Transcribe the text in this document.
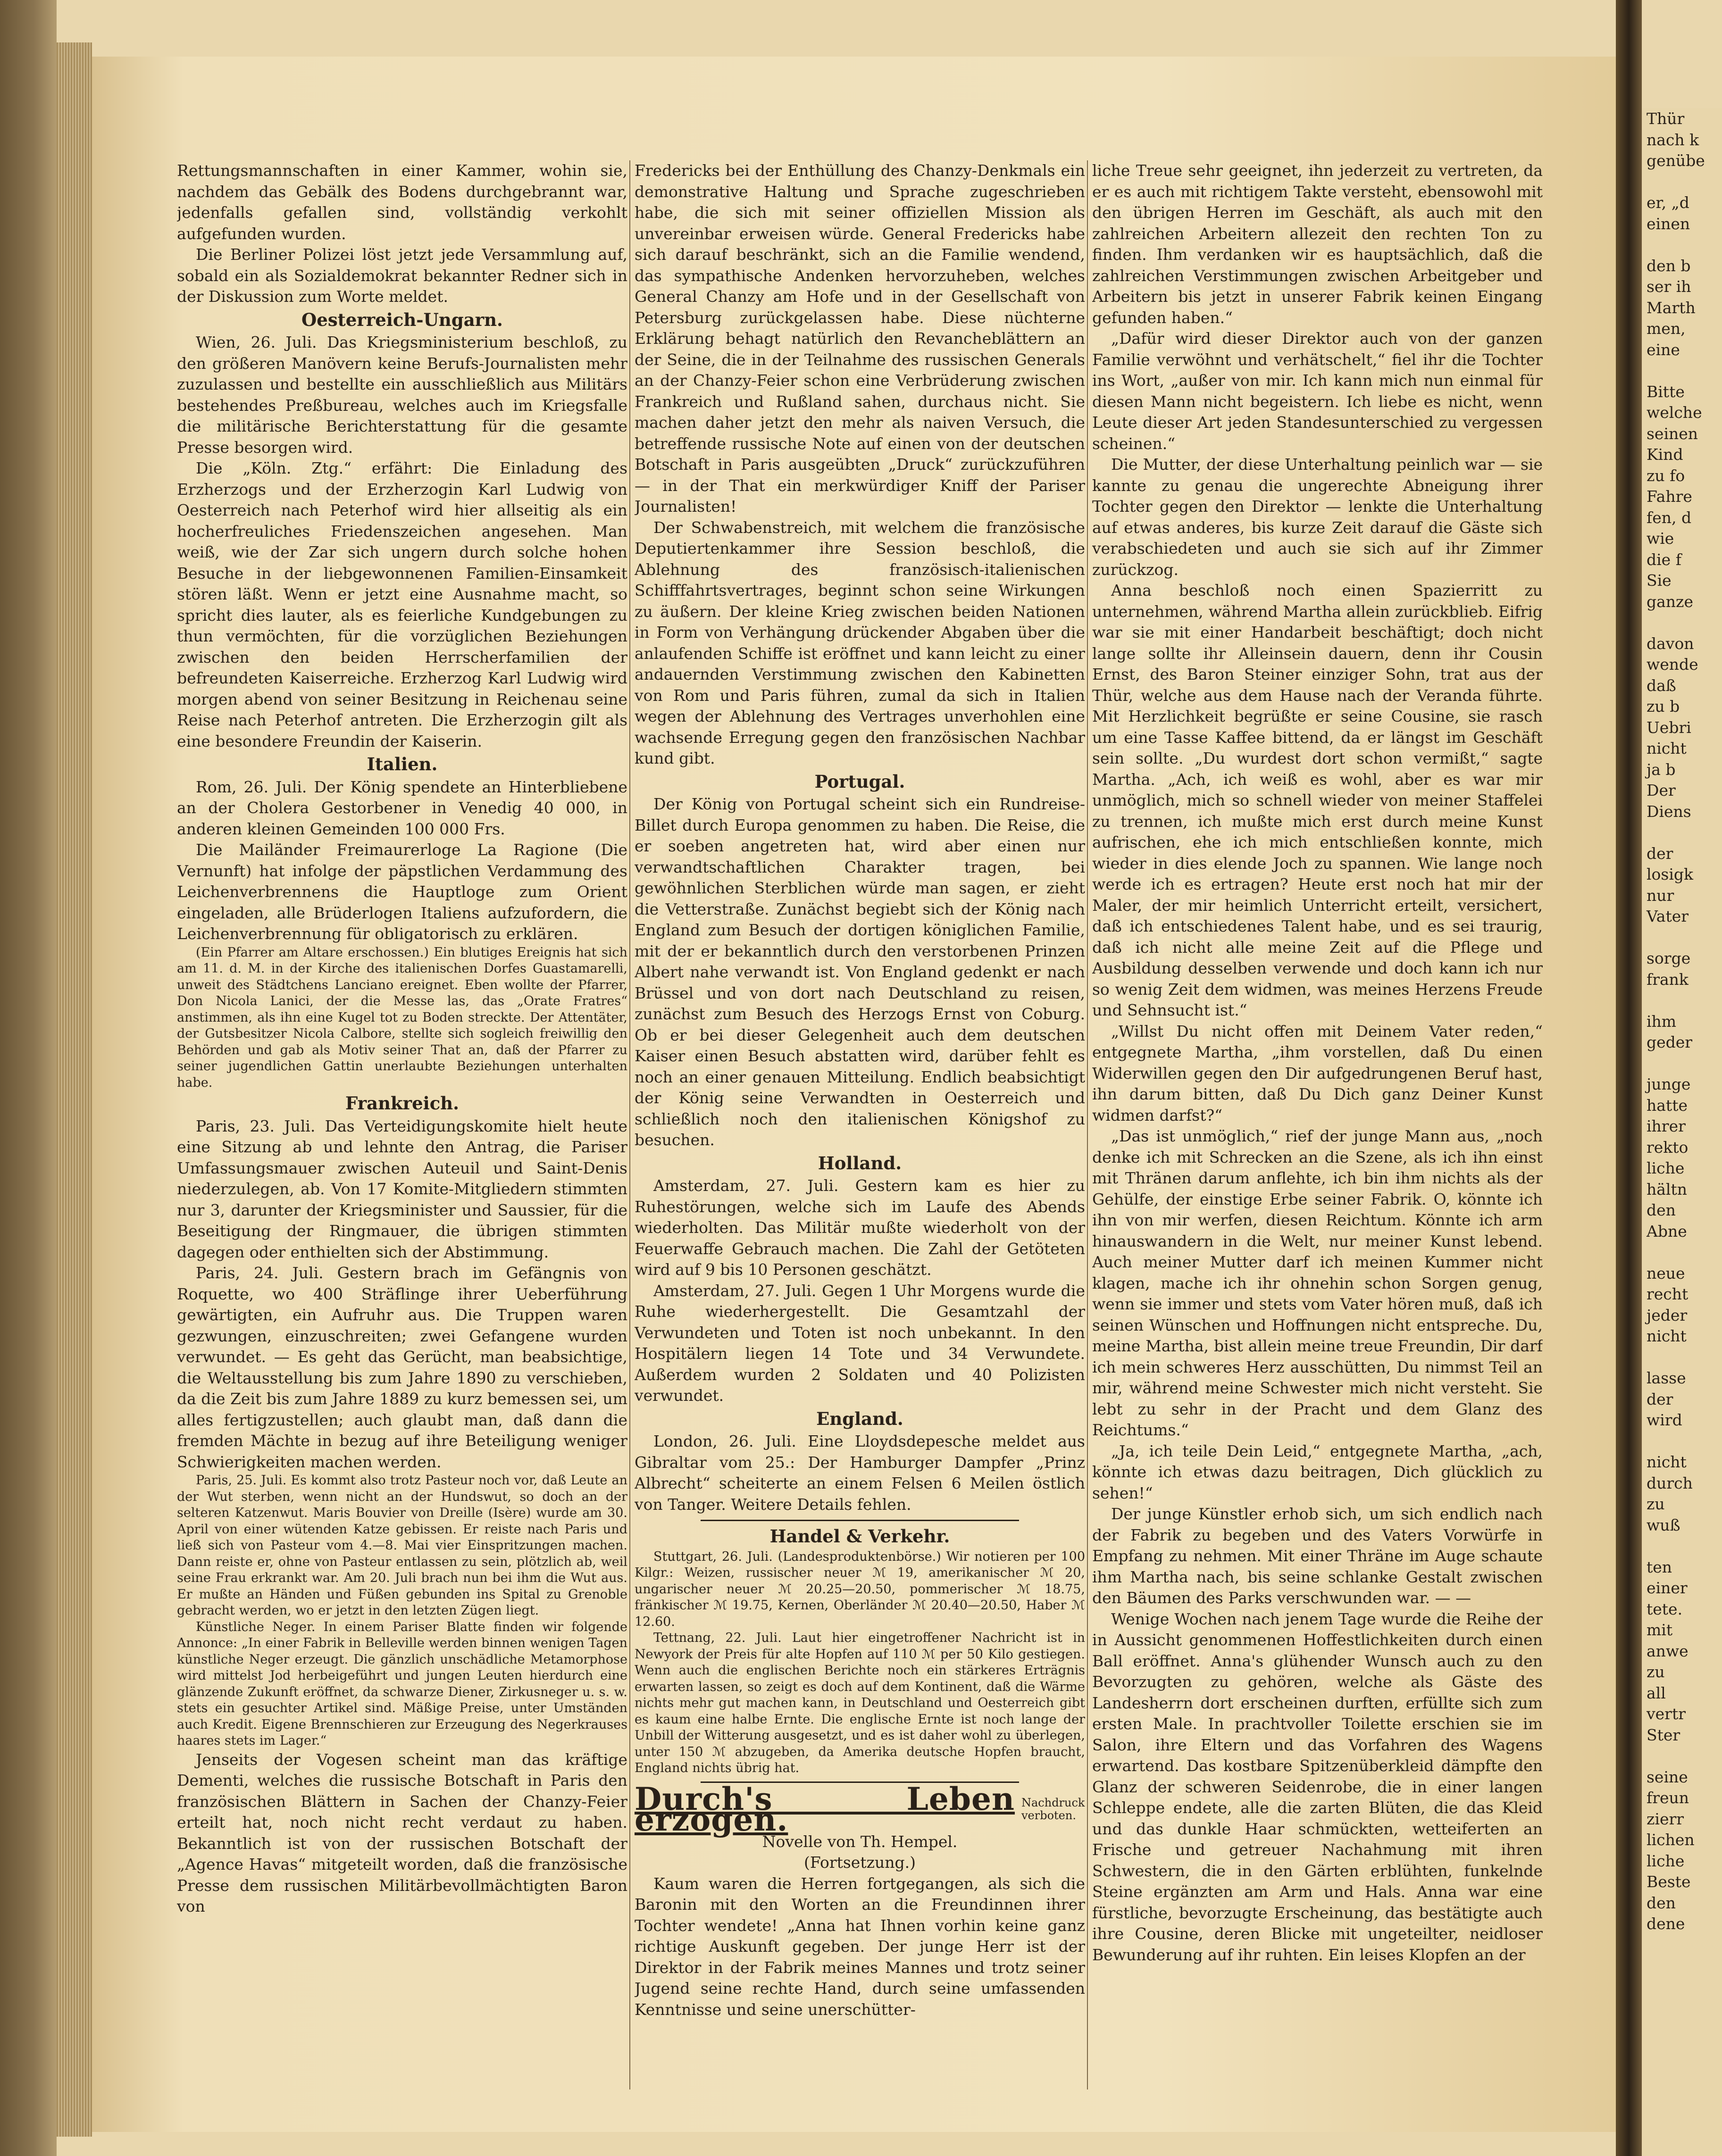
Rettungsmannschaften in einer Kammer, wohin sie, nachdem das Gebälk des Bodens durchgebrannt war, jedenfalls gefallen sind, vollständig verkohlt aufgefunden wurden.

Die Berliner Polizei löst jetzt jede Versammlung auf, sobald ein als Sozialdemokrat bekannter Redner sich in der Diskussion zum Worte meldet.

Oesterreich-Ungarn.

Wien, 26. Juli. Das Kriegsministerium beschloß, zu den größeren Manövern keine Berufs-Journalisten mehr zuzulassen und bestellte ein ausschließlich aus Militärs bestehendes Preßbureau, welches auch im Kriegsfalle die militärische Berichterstattung für die gesamte Presse besorgen wird.

Die „Köln. Ztg.“ erfährt: Die Einladung des Erzherzogs und der Erzherzogin Karl Ludwig von Oesterreich nach Peterhof wird hier allseitig als ein hocherfreuliches Friedenszeichen angesehen. Man weiß, wie der Zar sich ungern durch solche hohen Besuche in der liebgewonnenen Familien-Einsamkeit stören läßt. Wenn er jetzt eine Ausnahme macht, so spricht dies lauter, als es feierliche Kundgebungen zu thun vermöchten, für die vorzüglichen Beziehungen zwischen den beiden Herrscherfamilien der befreundeten Kaiserreiche. Erzherzog Karl Ludwig wird morgen abend von seiner Besitzung in Reichenau seine Reise nach Peterhof antreten. Die Erzherzogin gilt als eine besondere Freundin der Kaiserin.

Italien.

Rom, 26. Juli. Der König spendete an Hinterbliebene an der Cholera Gestorbener in Venedig 40 000, in anderen kleinen Gemeinden 100 000 Frs.

Die Mailänder Freimaurerloge La Ragione (Die Vernunft) hat infolge der päpstlichen Verdammung des Leichenverbrennens die Hauptloge zum Orient eingeladen, alle Brüderlogen Italiens aufzufordern, die Leichenverbrennung für obligatorisch zu erklären.

(Ein Pfarrer am Altare erschossen.) Ein blutiges Ereignis hat sich am 11. d. M. in der Kirche des italienischen Dorfes Guastamarelli, unweit des Städtchens Lanciano ereignet. Eben wollte der Pfarrer, Don Nicola Lanici, der die Messe las, das „Orate Fratres“ anstimmen, als ihn eine Kugel tot zu Boden streckte. Der Attentäter, der Gutsbesitzer Nicola Calbore, stellte sich sogleich freiwillig den Behörden und gab als Motiv seiner That an, daß der Pfarrer zu seiner jugendlichen Gattin unerlaubte Beziehungen unterhalten habe.

Frankreich.

Paris, 23. Juli. Das Verteidigungskomite hielt heute eine Sitzung ab und lehnte den Antrag, die Pariser Umfassungsmauer zwischen Auteuil und Saint-Denis niederzulegen, ab. Von 17 Komite-Mitgliedern stimmten nur 3, darunter der Kriegsminister und Saussier, für die Beseitigung der Ringmauer, die übrigen stimmten dagegen oder enthielten sich der Abstimmung.

Paris, 24. Juli. Gestern brach im Gefängnis von Roquette, wo 400 Sträflinge ihrer Ueberführung gewärtigten, ein Aufruhr aus. Die Truppen waren gezwungen, einzuschreiten; zwei Gefangene wurden verwundet. — Es geht das Gerücht, man beabsichtige, die Weltausstellung bis zum Jahre 1890 zu verschieben, da die Zeit bis zum Jahre 1889 zu kurz bemessen sei, um alles fertigzustellen; auch glaubt man, daß dann die fremden Mächte in bezug auf ihre Beteiligung weniger Schwierigkeiten machen werden.

Paris, 25. Juli. Es kommt also trotz Pasteur noch vor, daß Leute an der Wut sterben, wenn nicht an der Hundswut, so doch an der selteren Katzenwut. Maris Bouvier von Dreille (Isère) wurde am 30. April von einer wütenden Katze gebissen. Er reiste nach Paris und ließ sich von Pasteur vom 4.—8. Mai vier Einspritzungen machen. Dann reiste er, ohne von Pasteur entlassen zu sein, plötzlich ab, weil seine Frau erkrankt war. Am 20. Juli brach nun bei ihm die Wut aus. Er mußte an Händen und Füßen gebunden ins Spital zu Grenoble gebracht werden, wo er jetzt in den letzten Zügen liegt.

Künstliche Neger. In einem Pariser Blatte finden wir folgende Annonce: „In einer Fabrik in Belleville werden binnen wenigen Tagen künstliche Neger erzeugt. Die gänzlich unschädliche Metamorphose wird mittelst Jod herbeigeführt und jungen Leuten hierdurch eine glänzende Zukunft eröffnet, da schwarze Diener, Zirkusneger u. s. w. stets ein gesuchter Artikel sind. Mäßige Preise, unter Umständen auch Kredit. Eigene Brennschieren zur Erzeugung des Negerkrauses haares stets im Lager.“

Jenseits der Vogesen scheint man das kräftige Dementi, welches die russische Botschaft in Paris den französischen Blättern in Sachen der Chanzy-Feier erteilt hat, noch nicht recht verdaut zu haben. Bekanntlich ist von der russischen Botschaft der „Agence Havas“ mitgeteilt worden, daß die französische Presse dem russischen Militärbevollmächtigten Baron von

Fredericks bei der Enthüllung des Chanzy-Denkmals ein demonstrative Haltung und Sprache zugeschrieben habe, die sich mit seiner offiziellen Mission als unvereinbar erweisen würde. General Fredericks habe sich darauf beschränkt, sich an die Familie wendend, das sympathische Andenken hervorzuheben, welches General Chanzy am Hofe und in der Gesellschaft von Petersburg zurückgelassen habe. Diese nüchterne Erklärung behagt natürlich den Revancheblättern an der Seine, die in der Teilnahme des russischen Generals an der Chanzy-Feier schon eine Verbrüderung zwischen Frankreich und Rußland sahen, durchaus nicht. Sie machen daher jetzt den mehr als naiven Versuch, die betreffende russische Note auf einen von der deutschen Botschaft in Paris ausgeübten „Druck“ zurückzuführen — in der That ein merkwürdiger Kniff der Pariser Journalisten!

Der Schwabenstreich, mit welchem die französische Deputiertenkammer ihre Session beschloß, die Ablehnung des französisch-italienischen Schifffahrtsvertrages, beginnt schon seine Wirkungen zu äußern. Der kleine Krieg zwischen beiden Nationen in Form von Verhängung drückender Abgaben über die anlaufenden Schiffe ist eröffnet und kann leicht zu einer andauernden Verstimmung zwischen den Kabinetten von Rom und Paris führen, zumal da sich in Italien wegen der Ablehnung des Vertrages unverhohlen eine wachsende Erregung gegen den französischen Nachbar kund gibt.

Portugal.

Der König von Portugal scheint sich ein Rundreise-Billet durch Europa genommen zu haben. Die Reise, die er soeben angetreten hat, wird aber einen nur verwandtschaftlichen Charakter tragen, bei gewöhnlichen Sterblichen würde man sagen, er zieht die Vetterstraße. Zunächst begiebt sich der König nach England zum Besuch der dortigen königlichen Familie, mit der er bekanntlich durch den verstorbenen Prinzen Albert nahe verwandt ist. Von England gedenkt er nach Brüssel und von dort nach Deutschland zu reisen, zunächst zum Besuch des Herzogs Ernst von Coburg. Ob er bei dieser Gelegenheit auch dem deutschen Kaiser einen Besuch abstatten wird, darüber fehlt es noch an einer genauen Mitteilung. Endlich beabsichtigt der König seine Verwandten in Oesterreich und schließlich noch den italienischen Königshof zu besuchen.

Holland.

Amsterdam, 27. Juli. Gestern kam es hier zu Ruhestörungen, welche sich im Laufe des Abends wiederholten. Das Militär mußte wiederholt von der Feuerwaffe Gebrauch machen. Die Zahl der Getöteten wird auf 9 bis 10 Personen geschätzt.

Amsterdam, 27. Juli. Gegen 1 Uhr Morgens wurde die Ruhe wiederhergestellt. Die Gesamtzahl der Verwundeten und Toten ist noch unbekannt. In den Hospitälern liegen 14 Tote und 34 Verwundete. Außerdem wurden 2 Soldaten und 40 Polizisten verwundet.

England.

London, 26. Juli. Eine Lloydsdepesche meldet aus Gibraltar vom 25.: Der Hamburger Dampfer „Prinz Albrecht“ scheiterte an einem Felsen 6 Meilen östlich von Tanger. Weitere Details fehlen.

Handel & Verkehr.

Stuttgart, 26. Juli. (Landesproduktenbörse.) Wir notieren per 100 Kilgr.: Weizen, russischer neuer ℳ 19, amerikanischer ℳ 20, ungarischer neuer ℳ 20.25—20.50, pommerischer ℳ 18.75, fränkischer ℳ 19.75, Kernen, Oberländer ℳ 20.40—20.50, Haber ℳ 12.60.

Tettnang, 22. Juli. Laut hier eingetroffener Nachricht ist in Newyork der Preis für alte Hopfen auf 110 ℳ per 50 Kilo gestiegen. Wenn auch die englischen Berichte noch ein stärkeres Erträgnis erwarten lassen, so zeigt es doch auf dem Kontinent, daß die Wärme nichts mehr gut machen kann, in Deutschland und Oesterreich gibt es kaum eine halbe Ernte. Die englische Ernte ist noch lange der Unbill der Witterung ausgesetzt, und es ist daher wohl zu überlegen, unter 150 ℳ abzugeben, da Amerika deutsche Hopfen braucht, England nichts übrig hat.

Durch's Leben erzogen.	Nachdruck verboten.

Novelle von Th. Hempel.

(Fortsetzung.)

Kaum waren die Herren fortgegangen, als sich die Baronin mit den Worten an die Freundinnen ihrer Tochter wendete! „Anna hat Ihnen vorhin keine ganz richtige Auskunft gegeben. Der junge Herr ist der Direktor in der Fabrik meines Mannes und trotz seiner Jugend seine rechte Hand, durch seine umfassenden Kenntnisse und seine unerschütter-

liche Treue sehr geeignet, ihn jederzeit zu vertreten, da er es auch mit richtigem Takte versteht, ebensowohl mit den übrigen Herren im Geschäft, als auch mit den zahlreichen Arbeitern allezeit den rechten Ton zu finden. Ihm verdanken wir es hauptsächlich, daß die zahlreichen Verstimmungen zwischen Arbeitgeber und Arbeitern bis jetzt in unserer Fabrik keinen Eingang gefunden haben.“

„Dafür wird dieser Direktor auch von der ganzen Familie verwöhnt und verhätschelt,“ fiel ihr die Tochter ins Wort, „außer von mir. Ich kann mich nun einmal für diesen Mann nicht begeistern. Ich liebe es nicht, wenn Leute dieser Art jeden Standesunterschied zu vergessen scheinen.“

Die Mutter, der diese Unterhaltung peinlich war — sie kannte zu genau die ungerechte Abneigung ihrer Tochter gegen den Direktor — lenkte die Unterhaltung auf etwas anderes, bis kurze Zeit darauf die Gäste sich verabschiedeten und auch sie sich auf ihr Zimmer zurückzog.

Anna beschloß noch einen Spazierritt zu unternehmen, während Martha allein zurückblieb. Eifrig war sie mit einer Handarbeit beschäftigt; doch nicht lange sollte ihr Alleinsein dauern, denn ihr Cousin Ernst, des Baron Steiner einziger Sohn, trat aus der Thür, welche aus dem Hause nach der Veranda führte. Mit Herzlichkeit begrüßte er seine Cousine, sie rasch um eine Tasse Kaffee bittend, da er längst im Geschäft sein sollte. „Du wurdest dort schon vermißt,“ sagte Martha. „Ach, ich weiß es wohl, aber es war mir unmöglich, mich so schnell wieder von meiner Staffelei zu trennen, ich mußte mich erst durch meine Kunst aufrischen, ehe ich mich entschließen konnte, mich wieder in dies elende Joch zu spannen. Wie lange noch werde ich es ertragen? Heute erst noch hat mir der Maler, der mir heimlich Unterricht erteilt, versichert, daß ich entschiedenes Talent habe, und es sei traurig, daß ich nicht alle meine Zeit auf die Pflege und Ausbildung desselben verwende und doch kann ich nur so wenig Zeit dem widmen, was meines Herzens Freude und Sehnsucht ist.“

„Willst Du nicht offen mit Deinem Vater reden,“ entgegnete Martha, „ihm vorstellen, daß Du einen Widerwillen gegen den Dir aufgedrungenen Beruf hast, ihn darum bitten, daß Du Dich ganz Deiner Kunst widmen darfst?“

„Das ist unmöglich,“ rief der junge Mann aus, „noch denke ich mit Schrecken an die Szene, als ich ihn einst mit Thränen darum anflehte, ich bin ihm nichts als der Gehülfe, der einstige Erbe seiner Fabrik. O, könnte ich ihn von mir werfen, diesen Reichtum. Könnte ich arm hinauswandern in die Welt, nur meiner Kunst lebend. Auch meiner Mutter darf ich meinen Kummer nicht klagen, mache ich ihr ohnehin schon Sorgen genug, wenn sie immer und stets vom Vater hören muß, daß ich seinen Wünschen und Hoffnungen nicht entspreche. Du, meine Martha, bist allein meine treue Freundin, Dir darf ich mein schweres Herz ausschütten, Du nimmst Teil an mir, während meine Schwester mich nicht versteht. Sie lebt zu sehr in der Pracht und dem Glanz des Reichtums.“

„Ja, ich teile Dein Leid,“ entgegnete Martha, „ach, könnte ich etwas dazu beitragen, Dich glücklich zu sehen!“

Der junge Künstler erhob sich, um sich endlich nach der Fabrik zu begeben und des Vaters Vorwürfe in Empfang zu nehmen. Mit einer Thräne im Auge schaute ihm Martha nach, bis seine schlanke Gestalt zwischen den Bäumen des Parks verschwunden war. — —

Wenige Wochen nach jenem Tage wurde die Reihe der in Aussicht genommenen Hoffestlichkeiten durch einen Ball eröffnet. Anna's glühender Wunsch auch zu den Bevorzugten zu gehören, welche als Gäste des Landesherrn dort erscheinen durften, erfüllte sich zum ersten Male. In prachtvoller Toilette erschien sie im Salon, ihre Eltern und das Vorfahren des Wagens erwartend. Das kostbare Spitzenüberkleid dämpfte den Glanz der schweren Seidenrobe, die in einer langen Schleppe endete, alle die zarten Blüten, die das Kleid und das dunkle Haar schmückten, wetteiferten an Frische und getreuer Nachahmung mit ihren Schwestern, die in den Gärten erblühten, funkelnde Steine ergänzten am Arm und Hals. Anna war eine fürstliche, bevorzugte Erscheinung, das bestätigte auch ihre Cousine, deren Blicke mit ungeteilter, neidloser Bewunderung auf ihr ruhten. Ein leises Klopfen an der

Thür
nach k
genübe

er, „d
einen

den b
ser ih
Marth
men,
eine

Bitte
welche
seinen
Kind
zu fo
Fahre
fen, d
wie
die f
Sie
ganze

davon
wende
daß
zu b
Uebri
nicht
ja b
Der
Diens

der
losigk
nur
Vater

sorge
frank

ihm
geder

junge
hatte
ihrer
rekto
liche
hältn
den
Abne

neue
recht
jeder
nicht

lasse
der
wird

nicht
durch
zu
wuß

ten
einer
tete.
mit
anwe
zu
all
vertr
Ster

seine
freun
zierr
lichen
liche
Beste
den
dene
